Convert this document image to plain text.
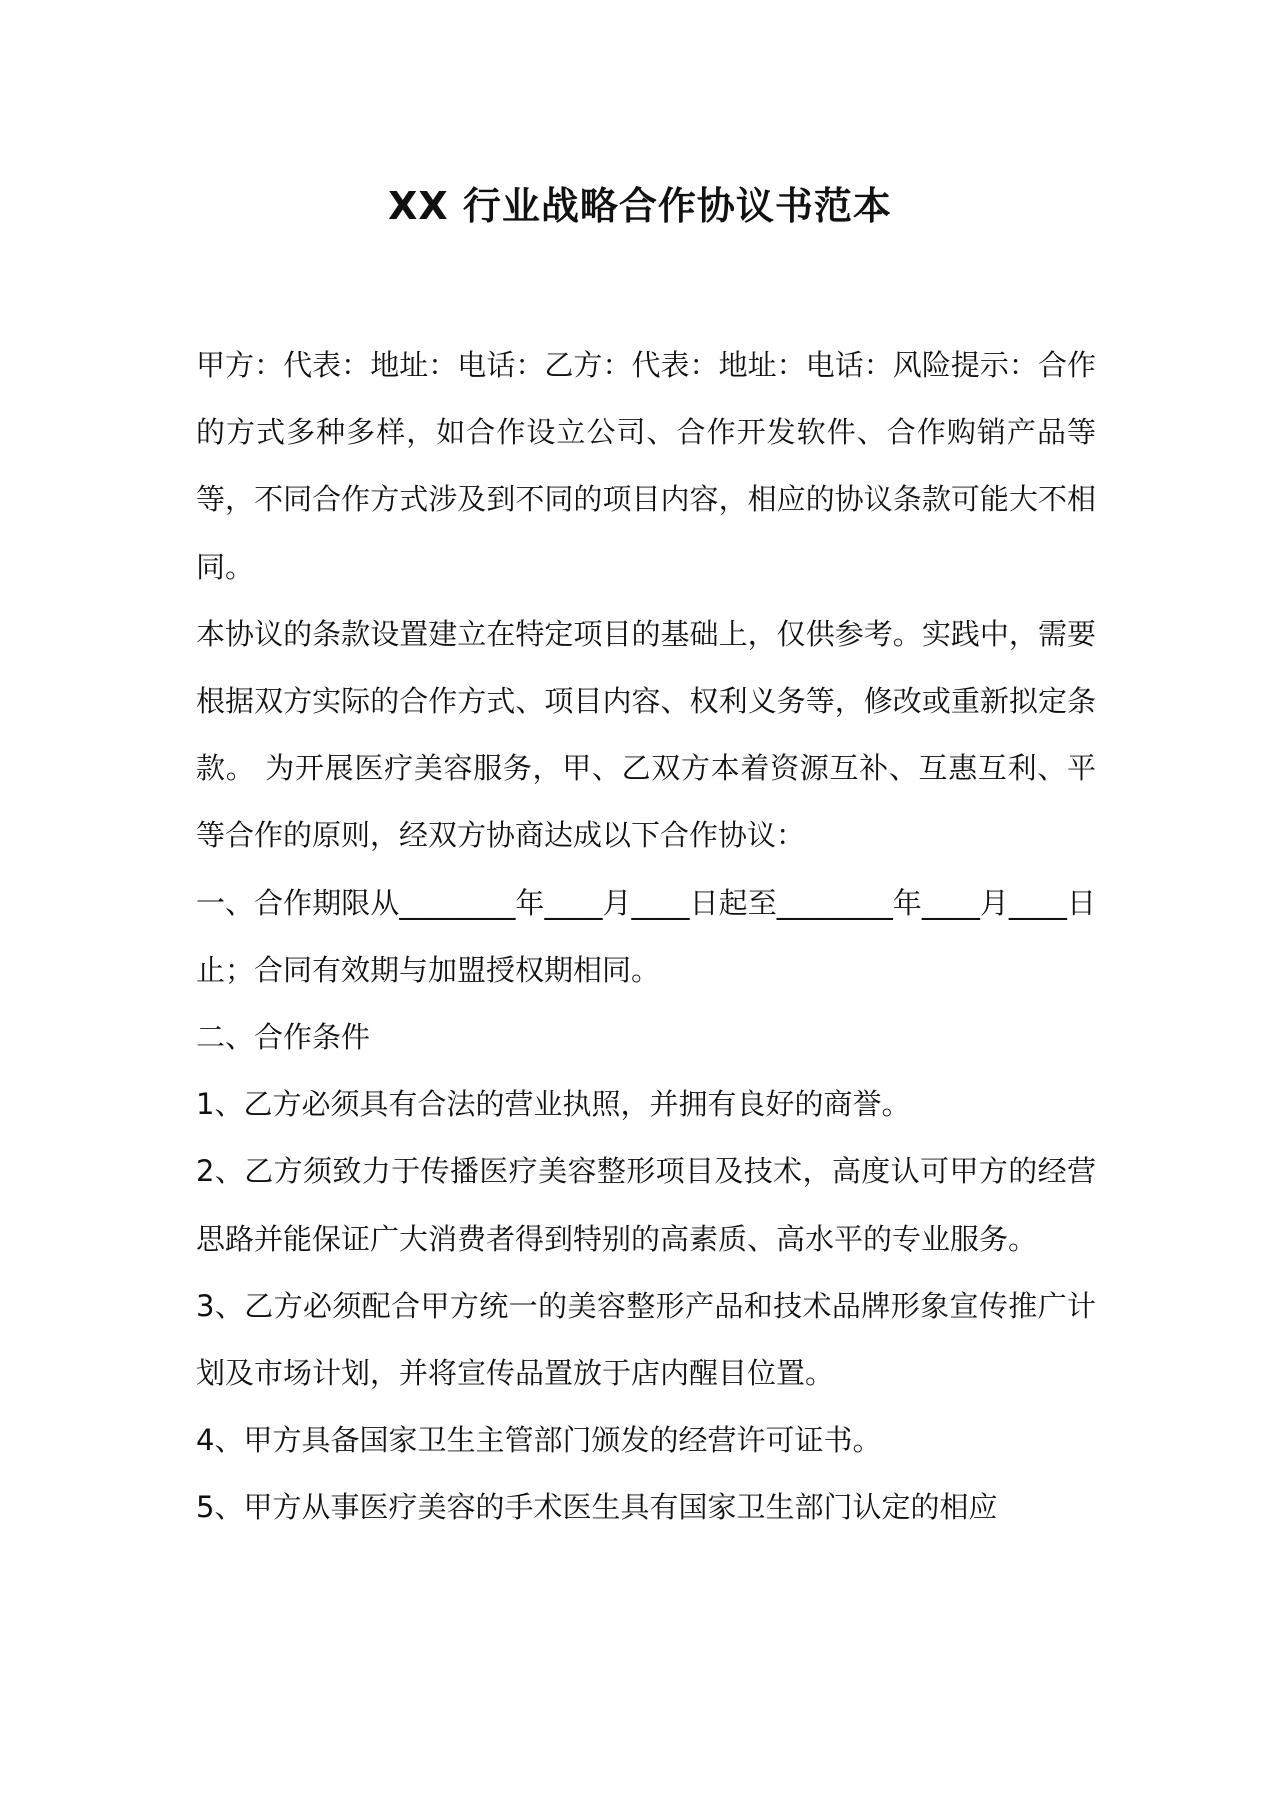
XX 行业战略合作协议书范本

甲方：代表：地址：电话：乙方：代表：地址：电话：风险提示：合作的方式多种多样，如合作设立公司、合作开发软件、合作购销产品等等，不同合作方式涉及到不同的项目内容，相应的协议条款可能大不相同。

本协议的条款设置建立在特定项目的基础上，仅供参考。实践中，需要根据双方实际的合作方式、项目内容、权利义务等，修改或重新拟定条款。 为开展医疗美容服务，甲、乙双方本着资源互补、互惠互利、平等合作的原则，经双方协商达成以下合作协议：

一、合作期限从________年____月____日起至________年____月____日止；合同有效期与加盟授权期相同。

二、合作条件

1、乙方必须具有合法的营业执照，并拥有良好的商誉。

2、乙方须致力于传播医疗美容整形项目及技术，高度认可甲方的经营思路并能保证广大消费者得到特别的高素质、高水平的专业服务。

3、乙方必须配合甲方统一的美容整形产品和技术品牌形象宣传推广计划及市场计划，并将宣传品置放于店内醒目位置。

4、甲方具备国家卫生主管部门颁发的经营许可证书。

5、甲方从事医疗美容的手术医生具有国家卫生部门认定的相应
